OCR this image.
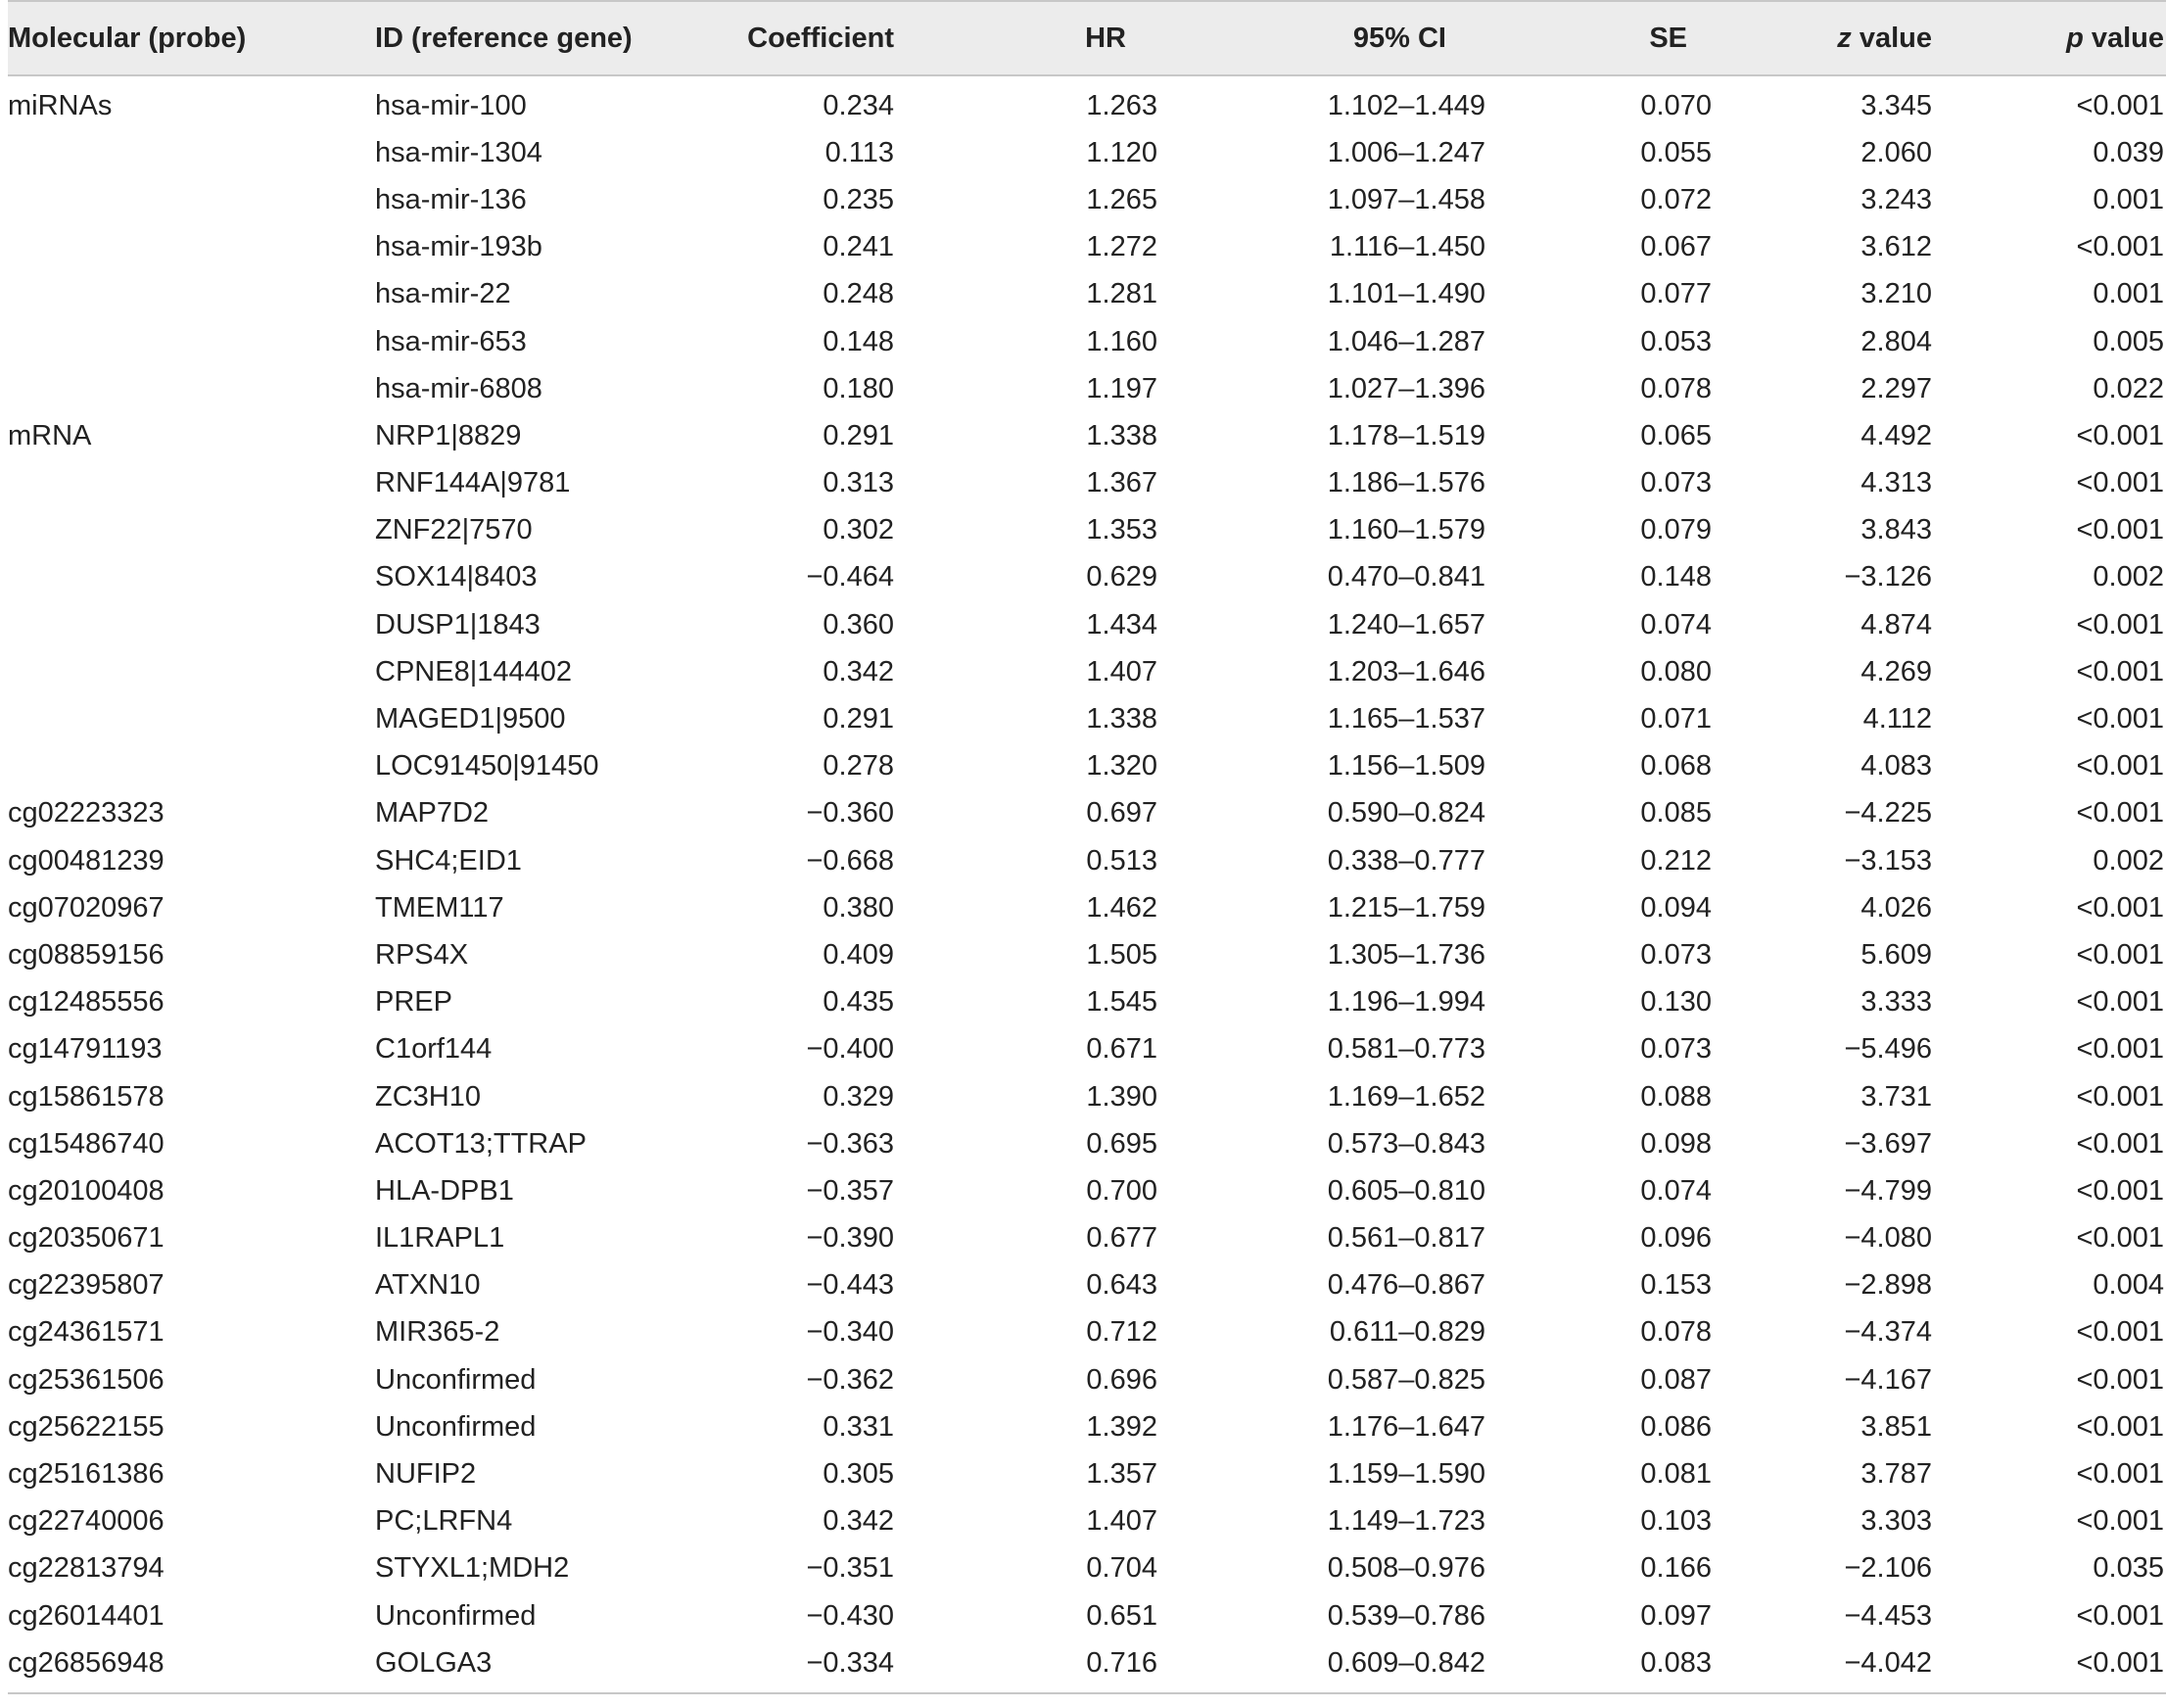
Molecular (probe)	ID (reference gene)	Coefficient	HR	95% CI	SE	z value	p value
miRNAs	hsa-mir-100	0.234	1.263	1.102–1.449	0.070	3.345	<0.001
	hsa-mir-1304	0.113	1.120	1.006–1.247	0.055	2.060	0.039
	hsa-mir-136	0.235	1.265	1.097–1.458	0.072	3.243	0.001
	hsa-mir-193b	0.241	1.272	1.116–1.450	0.067	3.612	<0.001
	hsa-mir-22	0.248	1.281	1.101–1.490	0.077	3.210	0.001
	hsa-mir-653	0.148	1.160	1.046–1.287	0.053	2.804	0.005
	hsa-mir-6808	0.180	1.197	1.027–1.396	0.078	2.297	0.022
mRNA	NRP1|8829	0.291	1.338	1.178–1.519	0.065	4.492	<0.001
	RNF144A|9781	0.313	1.367	1.186–1.576	0.073	4.313	<0.001
	ZNF22|7570	0.302	1.353	1.160–1.579	0.079	3.843	<0.001
	SOX14|8403	−0.464	0.629	0.470–0.841	0.148	−3.126	0.002
	DUSP1|1843	0.360	1.434	1.240–1.657	0.074	4.874	<0.001
	CPNE8|144402	0.342	1.407	1.203–1.646	0.080	4.269	<0.001
	MAGED1|9500	0.291	1.338	1.165–1.537	0.071	4.112	<0.001
	LOC91450|91450	0.278	1.320	1.156–1.509	0.068	4.083	<0.001
cg02223323	MAP7D2	−0.360	0.697	0.590–0.824	0.085	−4.225	<0.001
cg00481239	SHC4;EID1	−0.668	0.513	0.338–0.777	0.212	−3.153	0.002
cg07020967	TMEM117	0.380	1.462	1.215–1.759	0.094	4.026	<0.001
cg08859156	RPS4X	0.409	1.505	1.305–1.736	0.073	5.609	<0.001
cg12485556	PREP	0.435	1.545	1.196–1.994	0.130	3.333	<0.001
cg14791193	C1orf144	−0.400	0.671	0.581–0.773	0.073	−5.496	<0.001
cg15861578	ZC3H10	0.329	1.390	1.169–1.652	0.088	3.731	<0.001
cg15486740	ACOT13;TTRAP	−0.363	0.695	0.573–0.843	0.098	−3.697	<0.001
cg20100408	HLA-DPB1	−0.357	0.700	0.605–0.810	0.074	−4.799	<0.001
cg20350671	IL1RAPL1	−0.390	0.677	0.561–0.817	0.096	−4.080	<0.001
cg22395807	ATXN10	−0.443	0.643	0.476–0.867	0.153	−2.898	0.004
cg24361571	MIR365-2	−0.340	0.712	0.611–0.829	0.078	−4.374	<0.001
cg25361506	Unconfirmed	−0.362	0.696	0.587–0.825	0.087	−4.167	<0.001
cg25622155	Unconfirmed	0.331	1.392	1.176–1.647	0.086	3.851	<0.001
cg25161386	NUFIP2	0.305	1.357	1.159–1.590	0.081	3.787	<0.001
cg22740006	PC;LRFN4	0.342	1.407	1.149–1.723	0.103	3.303	<0.001
cg22813794	STYXL1;MDH2	−0.351	0.704	0.508–0.976	0.166	−2.106	0.035
cg26014401	Unconfirmed	−0.430	0.651	0.539–0.786	0.097	−4.453	<0.001
cg26856948	GOLGA3	−0.334	0.716	0.609–0.842	0.083	−4.042	<0.001
